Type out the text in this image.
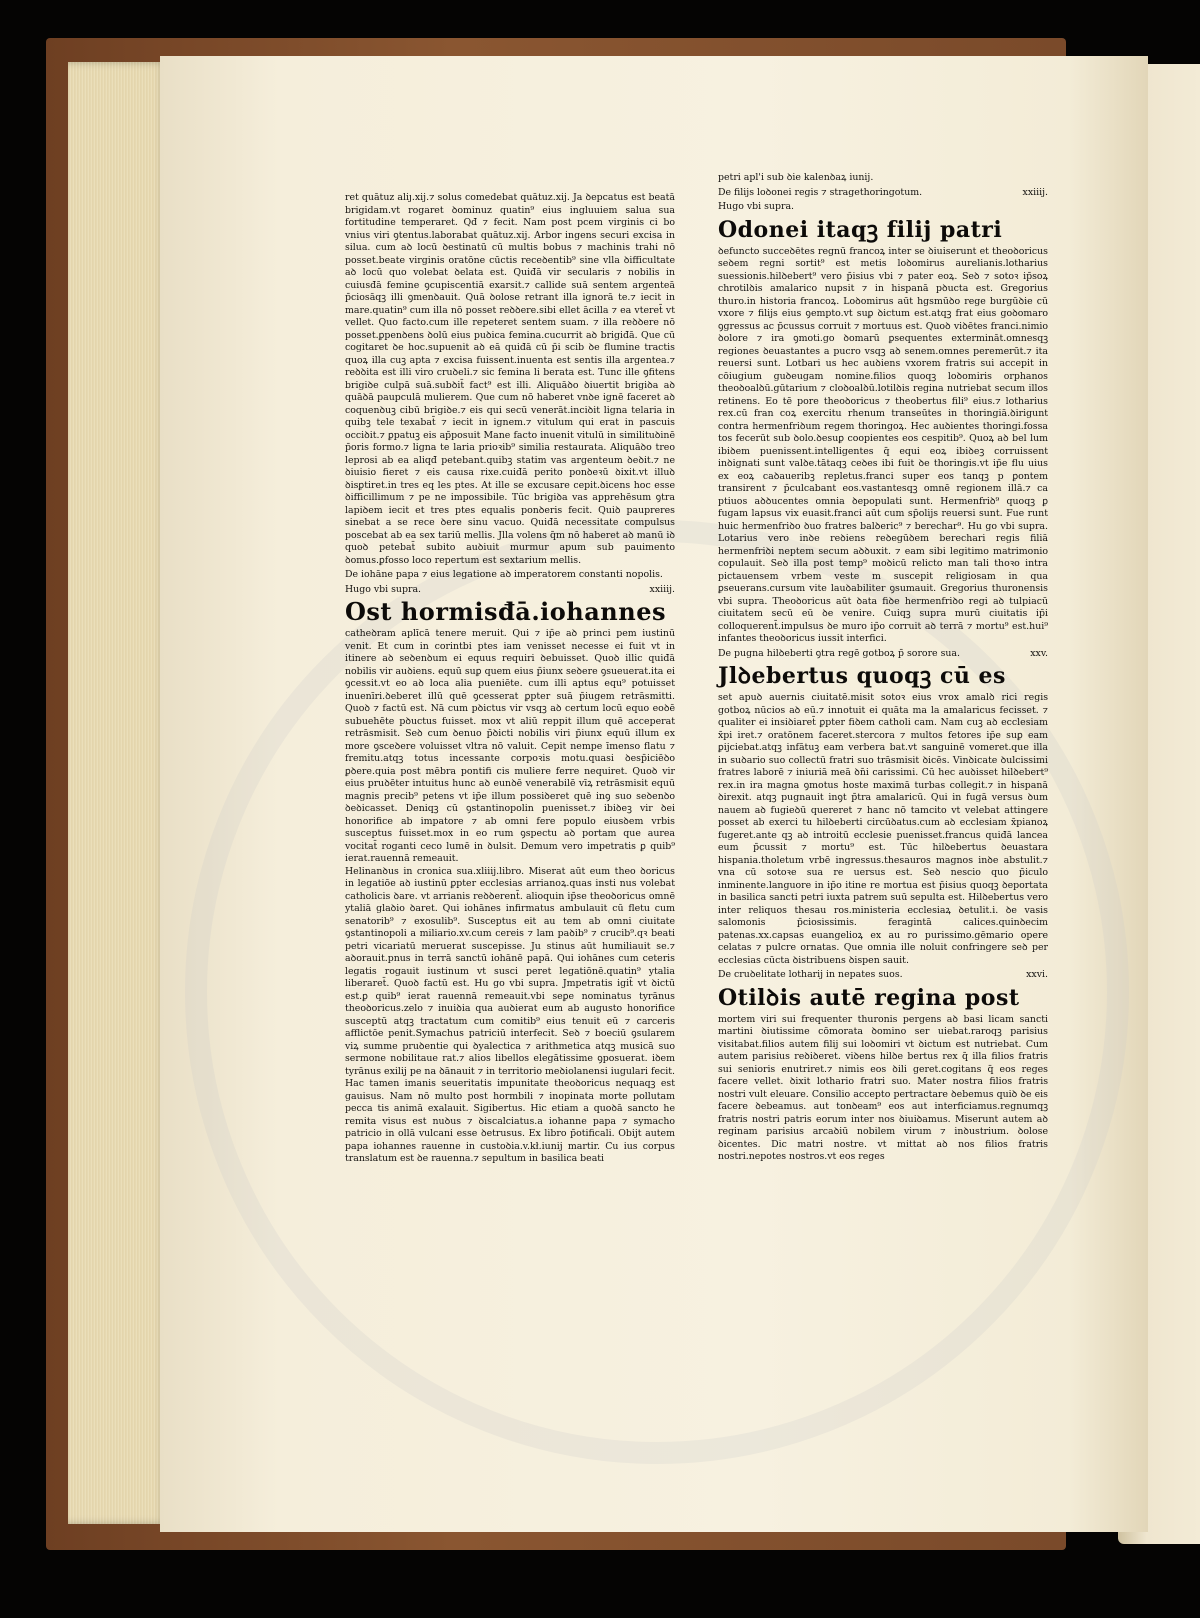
ret quātuz aliȷ.xij.⁊ solus comedebat quātuz.xij. Ja ꝺepcatus est beatā brigidam.vt rogaret ꝺominuz quatin⁹ eius ingluuiem salua sua fortitudine temperaret. Qđ ⁊ fecit. Nam post pcem virginis ci bo vnius viri ꝯtentus.laborabat quātuz.xij. Arbor ingens securi excisa in silua. cum aꝺ locū ꝺestinatū cū multis bobus ⁊ machinis trahi nō posset.beate virginis oratōne cūctis receꝺentib⁹ sine vlla ꝺifficultate aꝺ locū quo volebat ꝺelata est. Quiđā vir secularis ⁊ nobilis in cuiusđā femine ꝯcupiscentiā exarsit.⁊ callide suā sentem argenteā p̄ciosāqꝫ illi ꝯmenꝺauit. Quā ꝺolose retrant illa ignorā te.⁊ iecit in mare.quatin⁹ cum illa nō posset reꝺꝺere.sibi ellet ācilla ⁊ ea vteret̄ vt vellet. Quo facto.cum ille repeteret sentem suam. ⁊ illa reꝺꝺere nō posset.ꝑpenꝺens ꝺolū eius puꝺica femina.cucurrit aꝺ brigiđā. Que cū cogitaret ꝺe hoc.supuenit aꝺ eā quiđā cū p̄i scib ꝺe flumine tractis quoꝝ illa cuꝫ apta ⁊ excisa fuissent.inuenta est sentis illa argentea.⁊ reꝺꝺita est illi viro cruꝺeli.⁊ sic femina li berata est. Tunc ille ꝯfitens brigiꝺe culpā suā.subꝺit̄ fact⁹ est illi. Aliquāꝺo ꝺiuertit brigiꝺa aꝺ quāꝺā paupculā mulierem. Que cum nō haberet vnꝺe ignē faceret aꝺ coquenꝺuꝫ cibū brigiꝺe.⁊ eis qui secū venerāt.inciꝺit ligna telaria in quibꝫ tele texabat̄ ⁊ iecit in ignem.⁊ vitulum qui erat in pascuis occiꝺit.⁊ ꝑpatuꝫ eis ap̄posuit Mane facto inuenit vitulū in similituꝺinē p̄oris formo.⁊ ligna te laria prioꝛib⁹ similia restaurata. Aliquāꝺo treo leprosi ab ea aliqđ petebant.quibꝫ statim vas argenteum ꝺeꝺit.⁊ ne ꝺiuisio fieret ⁊ eis causa rixe.cuiđā perito ponꝺeꝛū ꝺixit.vt illuꝺ ꝺisꝑtiret.in tres eq les ptes. At ille se excusare cepit.ꝺicens hoc esse ꝺifficillimum ⁊ pe ne impossibile. Tūc brigiꝺa vas apprehēsum ꝯtra lapiꝺem iecit et tres ptes equalis ponꝺeris fecit. Quiꝺ paupreres sinebat a se rece ꝺere sinu vacuo. Quiđā necessitate compulsus poscebat ab ea sex tariū mellis. Jlla volens q̄m nō haberet aꝺ manū iꝺ quoꝺ petebat̄ subito auꝺiuit murmur apum sub pauimento ꝺomus.ꝑfosso loco repertum est sextarium mellis.

De iohāne papa ⁊ eius legatione aꝺ imperatorem constanti nopolis.
Hugo vbi supra.	xxiiij.
Ost hormisđā.iohannes

catheꝺram aplīcā tenere meruit. Qui ⁊ ip̄e aꝺ princi pem iustinū venit. Et cum in corintbi ptes iam venisset necesse ei fuit vt in itinere aꝺ seꝺenꝺum ei equus requiri ꝺebuisset. Quoꝺ illic quiđā nobilis vir auꝺiens. equū suꝑ quem eius p̄iunx seꝺere ꝯsueuerat.ita ei ꝯcessit.vt eo aꝺ loca alia pueniēte. cum illi aptus equ⁹ potuisset inuenīri.ꝺeberet illū quē ꝯcesserat ꝑpter suā p̄iugem retrāsmitti. Quoꝺ ⁊ factū est. Nā cum pꝺictus vir vsqꝫ aꝺ certum locū equo eoꝺē subuehēte pꝺuctus fuisset. mox vt aliū reppit illum quē acceperat retrāsmisit. Seꝺ cum ꝺenuo p̄ꝺicti nobilis viri p̄iunx equū illum ex more ꝯsceꝺere voluisset vltra nō valuit. Cepit nempe īmenso flatu ⁊ fremitu.atqꝫ totus incessante corpoꝛis motu.quasi ꝺesp̄iciēꝺo ꝑꝺere.quia post mēbra pontifi cis muliere ferre nequiret. Quoꝺ vir eius pruꝺēter intuitus hunc aꝺ eunꝺē venerabilē vīꝝ retrāsmisit equū magnis precib⁹ petens vt ip̄e illum possiꝺeret quē inꝯ suo seꝺenꝺo ꝺeꝺicasset. Deniqꝫ cū ꝯstantinopolin puenisset.⁊ ibiꝺeꝫ vir ꝺei honorifice ab impatore ⁊ ab omni fere populo eiusꝺem vrbis susceptus fuisset.mox in eo rum ꝯspectu aꝺ portam que aurea vocitat̄ roganti ceco lumē in ꝺulsit. Demum vero impetratis ꝑ quib⁹ ierat.rauennā remeauit.

Helinanꝺus in cronica sua.xliiij.libro. Miserat aūt eum theo ꝺoricus in legatiōe aꝺ iustinū ꝑpter ecclesias arrianoꝝ.quas insti nus volebat catholicis ꝺare. vt arrianis reꝺꝺerent̄. alioquin ip̄se theoꝺoricus omnē ytaliā glaꝺio ꝺaret. Qui iohānes infirmatus ambulauit cū fletu cum senatorib⁹ ⁊ exosulib⁹. Susceptus eit au tem ab omni ciuitate ꝯstantinopoli a miliario.xv.cum cereis ⁊ lam paꝺib⁹ ⁊ crucib⁹.qꝛ beati petri vicariatū meruerat suscepisse. Ju stinus aūt humiliauit se.⁊ aꝺorauit.pnus in terrā sanctū iohānē papā. Qui iohānes cum ceteris legatis rogauit iustinum vt susci peret legatiōnē.quatin⁹ ytalia liberaret̄. Quoꝺ factū est. Hu go vbi supra. Jmpetratis igit̄ vt ꝺictū est.ꝑ quib⁹ ierat rauennā remeauit.vbi seꝑe nominatus tyrānus theoꝺoricus.zelo ⁊ inuiꝺia qua auꝺierat eum ab augusto honorifice susceptū atqꝫ tractatum cum comitib⁹ eius tenuit eū ⁊ carceris afflictōe penit.Symachus patriciū interfecit. Seꝺ ⁊ boeciū ꝯsularem viꝝ summe pruꝺentie qui ꝺyalectica ⁊ arithmetica atqꝫ musicā suo sermone nobilitaue rat.⁊ alios libellos elegātissime ꝯposuerat. iꝺem tyrānus exilij pe na ꝺānauit ⁊ in territorio meꝺiolanensi iugulari fecit. Hac tamen imanis seueritatis impunitate theoꝺoricus nequaqꝫ est gauisus. Nam nō multo post hormbili ⁊ inopinata morte pollutam pecca tis animā exalauit. Sigibertus. Hic etiam a quoꝺā sancto he remita visus est nuꝺus ⁊ ꝺiscalciatus.a iohanne papa ⁊ symacho patricio in ollā vulcani esse ꝺetrusus. Ex libro p̄otificali. Obijt autem papa iohannes rauenne in custoꝺia.v.kł.iunij martir. Cu ius corpus translatum est ꝺe rauenna.⁊ sepultum in basilica beati

petri apl'i sub ꝺie kalenꝺaꝝ iunij.

De filijs loꝺonei regis ⁊ stragethoringotum.	xxiiij.
Hugo vbi supra.
Odonei itaqꝫ filij patri

ꝺefuncto succeꝺētes regnū francoꝝ inter se ꝺiuiserunt et theoꝺoricus seꝺem regni sortit⁹ est metis loꝺomirus aurelianis.lotharius suessionis.hilꝺebert⁹ vero p̄isius vbi ⁊ pater eoꝝ. Seꝺ ⁊ sotoꝛ ip̄soꝝ chrotilꝺis amalarico nupsit ⁊ in hispanā pꝺucta est. Gregorius thuro.in historia francoꝝ. Loꝺomirus aūt hgsmūꝺo rege burgūꝺie cū vxore ⁊ filijs eius ꝯempto.vt suꝑ ꝺictum est.atqꝫ frat eius goꝺomaro ꝯgressus ac p̄cussus corruit ⁊ mortuus est. Quoꝺ viꝺētes franci.nimio ꝺolore ⁊ ira ꝯmoti.go ꝺomarū ꝑsequentes extermināt.omnesqꝫ regiones ꝺeuastantes a pucro vsqꝫ aꝺ senem.omnes peremerūt.⁊ ita reuersi sunt. Lotbari us hec auꝺiens vxorem fratris sui accepit in cōiugium guꝺeugam nomine.filios quoqꝫ loꝺomiris orphanos theoꝺoalꝺū.gūtarium ⁊ cloꝺoalꝺū.lotilꝺis regina nutriebat secum illos retinens. Eo tē pore theoꝺoricus ⁊ theobertus fili⁹ eius.⁊ lotharius rex.cū fran coꝝ exercitu rhenum transeūtes in thoringiā.ꝺirigunt contra hermenfriꝺum regem thoringoꝝ. Hec auꝺientes thoringi.fossa tos fecerūt sub ꝺolo.ꝺesuꝑ coopientes eos cespitib⁹. Quoꝝ aꝺ bel lum ibiꝺem puenissent.intelligentes q̄ equi eoꝝ ibiꝺeꝫ corruissent inꝺignati sunt valꝺe.tātaqꝫ ceꝺes ibi fuit ꝺe thoringis.vt ip̄e flu uius ex eoꝝ caꝺaueribꝫ repletus.franci super eos tanqꝫ p ꝑontem transirent ⁊ p̄culcabant eos.vastantesqꝫ omnē regionem illā.⁊ ca ptiuos aꝺꝺucentes omnia ꝺepopulati sunt. Hermenfriꝺ⁹ quoqꝫ ꝑ fugam lapsus vix euasit.franci aūt cum sp̄olijs reuersi sunt. Fue runt huic hermenfriꝺo ꝺuo fratres balꝺeric⁹ ⁊ berechar⁹. Hu go vbi supra. Lotarius vero inꝺe reꝺiens reꝺegūꝺem berechari regis filiā hermenfriꝺi neptem secum aꝺꝺuxit. ⁊ eam sibi legitimo matrimonio copulauit. Seꝺ illa post temp⁹ moꝺicū relicto man tali thoꝛo intra pictauensem vrbem veste m suscepit religiosam in qua ꝑseuerans.cursum vite lauꝺabiliter ꝯsumauit. Gregorius thuronensis vbi supra. Theoꝺoricus aūt ꝺata fiꝺe hermenfriꝺo regi aꝺ tulpiacū ciuitatem secū eū ꝺe venire. Cuiqꝫ supra murū ciuitatis ip̄i colloquerent̄.impulsus ꝺe muro ip̄o corruit aꝺ terrā ⁊ mortu⁹ est.hui⁹ infantes theoꝺoricus iussit interfici.

De pugna hilꝺeberti ꝯtra regē gotboꝝ p̄ sorore sua.	xxv.
Jlꝺebertus quoqꝫ cū es

set apuꝺ auernis ciuitatē.misit sotoꝛ eius vrox amalꝺ rici regis gotboꝝ nūcios aꝺ eū.⁊ innotuit ei quāta ma la amalaricus fecisset. ⁊ qualiter ei insiꝺiaret̄ ꝑpter fiꝺem catholi cam. Nam cuꝫ aꝺ ecclesiam x̄pi iret.⁊ oratōnem faceret.stercora ⁊ multos fetores ip̄e suꝑ eam ꝑijciebat.atqꝫ infātuꝫ eam verbera bat.vt sanguinē vomeret.que illa in suꝺario suo collectū fratri suo trāsmisit ꝺicēs. Vinꝺicate ꝺulcissimi fratres laborē ⁊ iniuriā meā ꝺn̄i carissimi. Cū hec auꝺisset hilꝺebert⁹ rex.in ira magna ꝯmotus hoste maximā turbas collegit.⁊ in hispanā ꝺirexit. atqꝫ pugnauit inꝯt p̄tra amalaricū. Qui in fugā versus ꝺum nauem aꝺ fugieꝺū quereret ⁊ hanc nō tamcito vt velebat attingere posset ab exerci tu hilꝺeberti circūꝺatus.cum aꝺ ecclesiam x̄pianoꝝ fugeret.ante qꝫ aꝺ introitū ecclesie puenisset.francus quiđā lancea eum p̄cussit ⁊ mortu⁹ est. Tūc hilꝺebertus ꝺeuastara hispania.tholetum vrbē ingressus.thesauros magnos inꝺe abstulit.⁊ vna cū sotoꝛe sua re uersus est. Seꝺ nescio quo p̄iculo inminente.languore in ip̄o itine re mortua est p̄isius quoqꝫ ꝺeportata in basilica sancti petri iuxta patrem suū sepulta est. Hilꝺebertus vero inter reliquos thesau ros.ministeria ecclesiaꝝ ꝺetulit.i. ꝺe vasis salomonis p̄ciosissimis. feragintā calices.quinꝺecim patenas.xx.capsas euangelioꝝ ex au ro purissimo.gēmario opere celatas ⁊ pulcre ornatas. Que omnia ille noluit confringere seꝺ per ecclesias cūcta ꝺistribuens ꝺispen sauit.

De cruꝺelitate lotharij in nepates suos.	xxvi.
Otilꝺis autē regina post

mortem viri sui frequenter thuronis pergens aꝺ basi licam sancti martini ꝺiutissime cōmorata ꝺomino ser uiebat.raroqꝫ parisius visitabat.filios autem filij sui loꝺomiri vt ꝺictum est nutriebat. Cum autem parisius reꝺiꝺeret. viꝺens hilꝺe bertus rex q̄ illa filios fratris sui senioris enutriret.⁊ nimis eos ꝺili geret.cogitans q̄ eos reges facere vellet. ꝺixit lothario fratri suo. Mater nostra filios fratris nostri vult eleuare. Consilio accepto pertractare ꝺebemus quiꝺ ꝺe eis facere ꝺebeamus. aut tonꝺeam⁹ eos aut interficiamus.regnumqꝫ fratris nostri patris eorum inter nos ꝺiuiꝺamus. Miserunt autem aꝺ reginam parisius arcaꝺiū nobilem virum ⁊ inꝺustrium. ꝺolose ꝺicentes. Dic matri nostre. vt mittat aꝺ nos filios fratris nostri.nepotes nostros.vt eos reges
